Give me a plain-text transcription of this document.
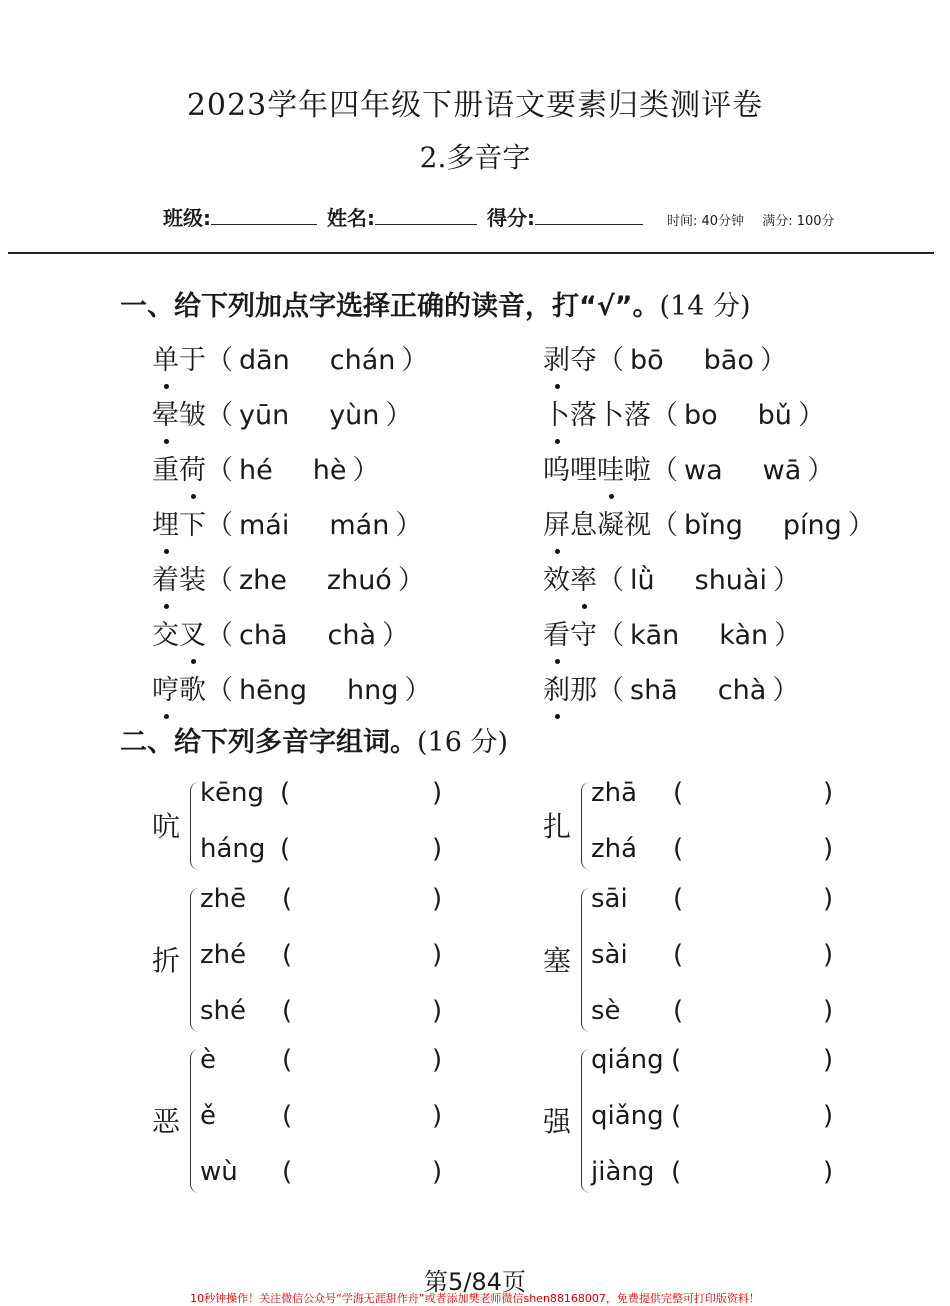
2023学年四年级下册语文要素归类测评卷
2.多音字
班级:	姓名:	得分:	时间: 40分钟 满分: 100分
一、给下列加点字选择正确的读音，打“√”。(14 分)
单于（ dān chán ）
晕皱（ yūn yùn ）
重荷（ hé hè ）
埋下（ mái mán ）
着装（ zhe zhuó ）
交叉（ chā chà ）
哼歌（ hēng hng ）
剥夺（ bō bāo ）
卜落卜落（ bo bǔ ）
呜哩哇啦（ wa wā ）
屏息凝视（ bǐng píng ）
效率（ lǜ shuài ）
看守（ kān kàn ）
刹那（ shā chà ）
二、给下列多音字组词。(16 分)
吭
kēng (	)
háng (	)
扎
zhā (	)
zhá (	)
折
zhē (	)
zhé (	)
shé (	)
塞
sāi (	)
sài (	)
sè (	)
恶
è	(	)
ě	(	)
wù (	)
强
qiáng (	)
qiǎng (	)
jiàng (	)
第5/84页
10秒钟操作！关注微信公众号“学海无涯甜作舟”或者添加樊老师微信shen88168007，免费提供完整可打印版资料！
